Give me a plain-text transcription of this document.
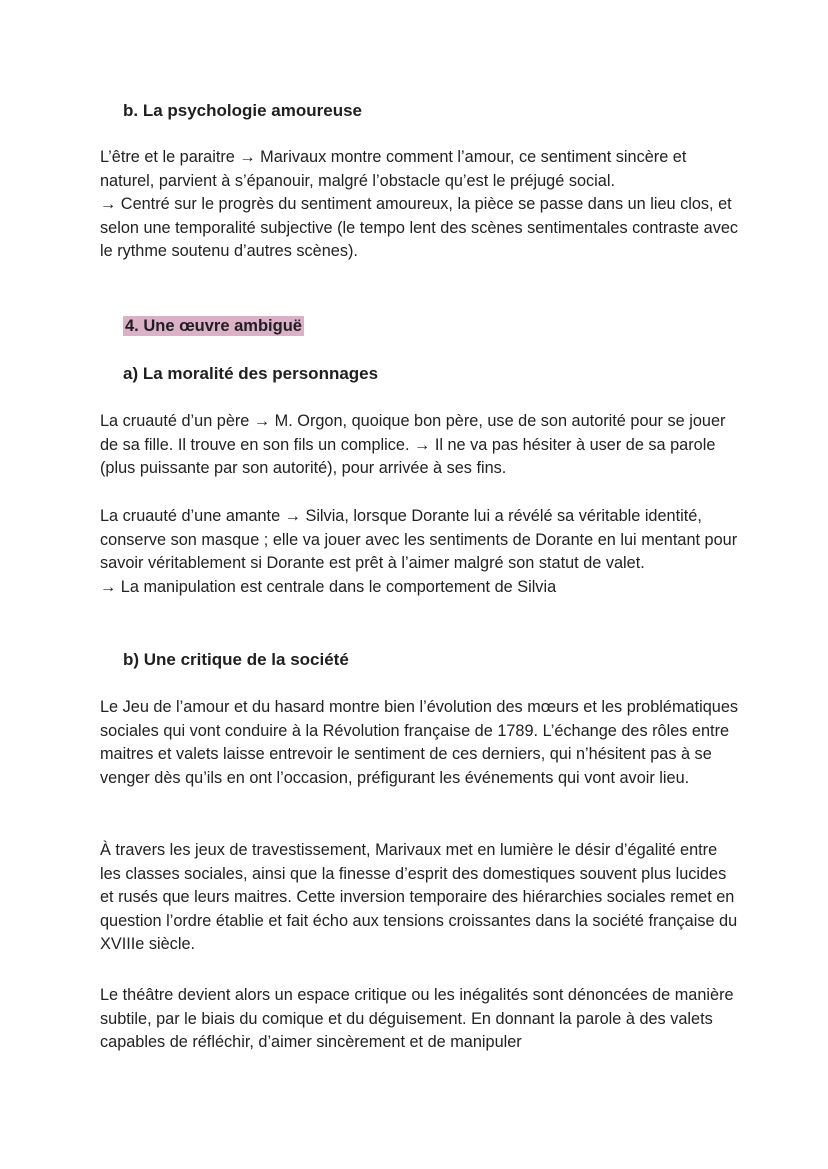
b. La psychologie amoureuse

L’être et le paraitre → Marivaux montre comment l’amour, ce sentiment sincère et naturel, parvient à s’épanouir, malgré l’obstacle qu’est le préjugé social.

→ Centré sur le progrès du sentiment amoureux, la pièce se passe dans un lieu clos, et selon une temporalité subjective (le tempo lent des scènes sentimentales contraste avec le rythme soutenu d’autres scènes).

4. Une œuvre ambiguë
a) La moralité des personnages

La cruauté d’un père → M. Orgon, quoique bon père, use de son autorité pour se jouer de sa fille. Il trouve en son fils un complice. → Il ne va pas hésiter à user de sa parole (plus puissante par son autorité), pour arrivée à ses fins.

La cruauté d’une amante → Silvia, lorsque Dorante lui a révélé sa véritable identité, conserve son masque ; elle va jouer avec les sentiments de Dorante en lui mentant pour savoir véritablement si Dorante est prêt à l’aimer malgré son statut de valet.

→ La manipulation est centrale dans le comportement de Silvia

b) Une critique de la société

Le Jeu de l’amour et du hasard montre bien l’évolution des mœurs et les problématiques sociales qui vont conduire à la Révolution française de 1789. L’échange des rôles entre maitres et valets laisse entrevoir le sentiment de ces derniers, qui n’hésitent pas à se venger dès qu’ils en ont l’occasion, préfigurant les événements qui vont avoir lieu.

À travers les jeux de travestissement, Marivaux met en lumière le désir d’égalité entre les classes sociales, ainsi que la finesse d’esprit des domestiques souvent plus lucides et rusés que leurs maitres. Cette inversion temporaire des hiérarchies sociales remet en question l’ordre établie et fait écho aux tensions croissantes dans la société française du XVIIIe siècle.

Le théâtre devient alors un espace critique ou les inégalités sont dénoncées de manière subtile, par le biais du comique et du déguisement. En donnant la parole à des valets capables de réfléchir, d’aimer sincèrement et de manipuler
